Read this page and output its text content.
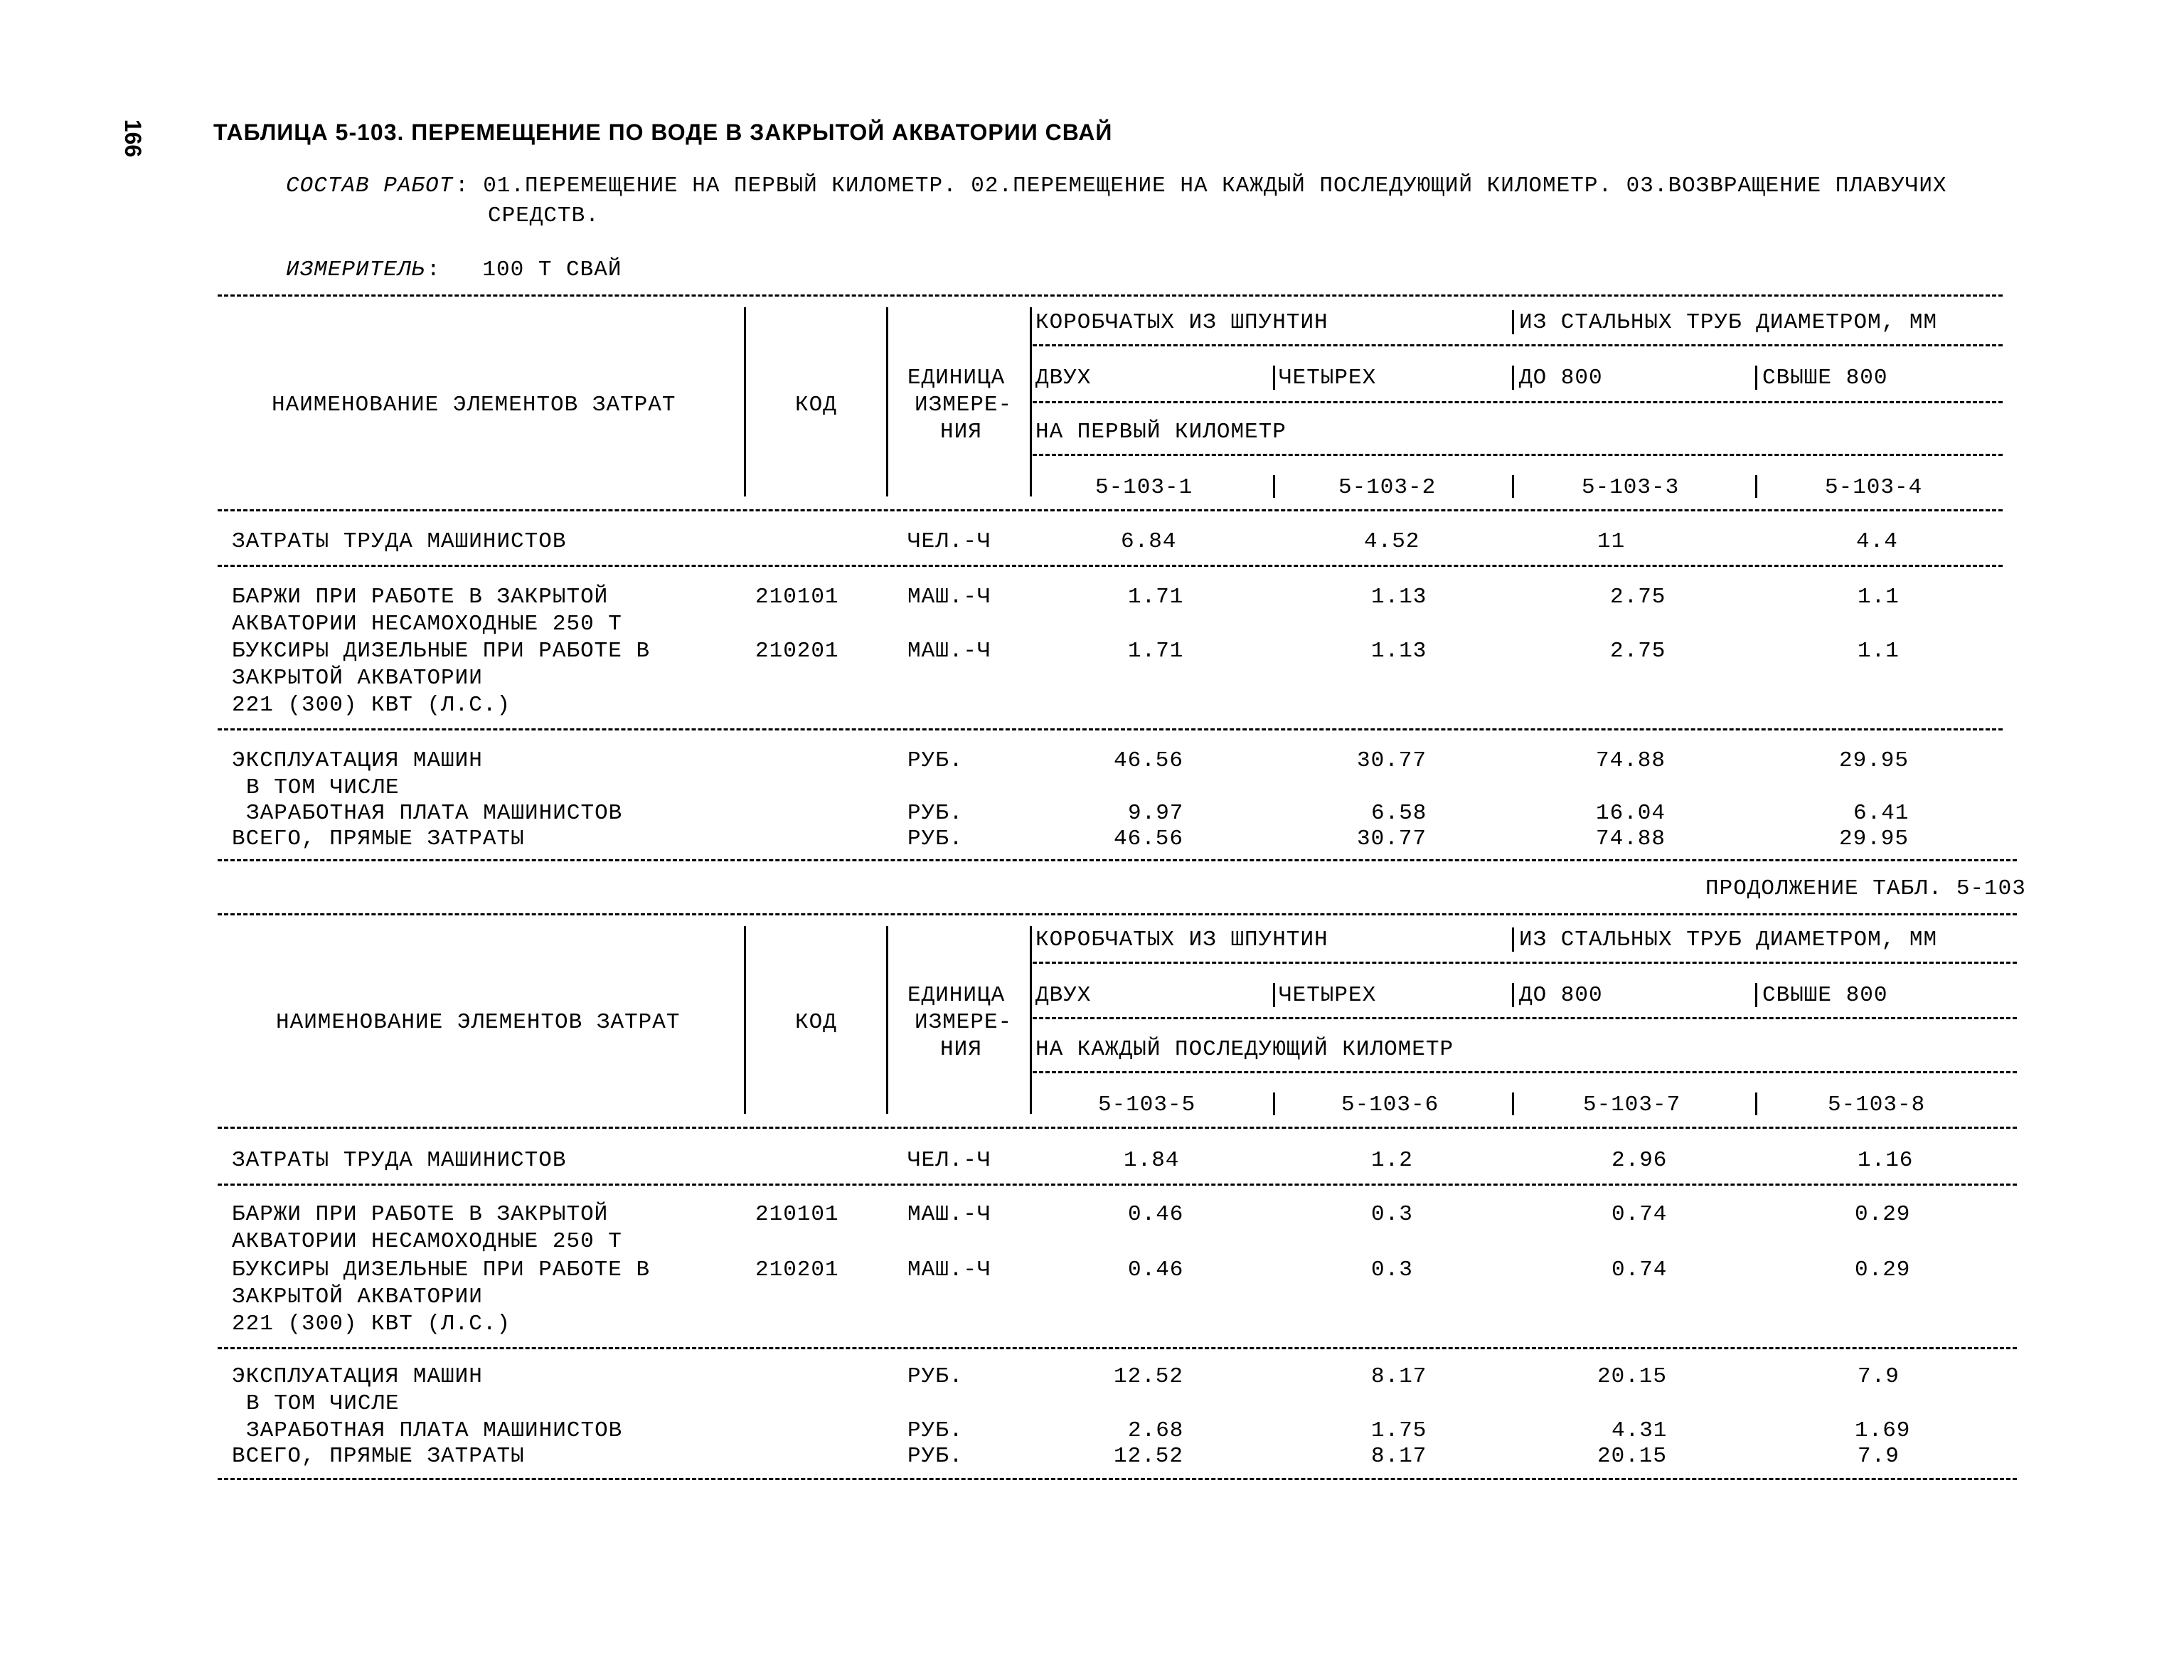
166	ТАБЛИЦА 5-103. ПЕРЕМЕЩЕНИЕ ПО ВОДЕ В ЗАКРЫТОЙ АКВАТОРИИ СВАЙ
СОСТАВ РАБОТ : 01.ПЕРЕМЕЩЕНИЕ НА ПЕРВЫЙ КИЛОМЕТР. 02.ПЕРЕМЕЩЕНИЕ НА КАЖДЫЙ ПОСЛЕДУЮЩИЙ КИЛОМЕТР. 03.ВОЗВРАЩЕНИЕ ПЛАВУЧИХ
СРЕДСТВ.
ИЗМЕРИТЕЛЬ :   100 Т СВАЙ
КОРОБЧАТЫХ ИЗ ШПУНТИН	ИЗ СТАЛЬНЫХ ТРУБ ДИАМЕТРОМ, ММ
ДВУХ	ЧЕТЫРЕХ	ДО 800	СВЫШЕ 800
ЕДИНИЦА
ИЗМЕРЕ-
НИЯ
НАИМЕНОВАНИЕ ЭЛЕМЕНТОВ ЗАТРАТ	КОД
НА ПЕРВЫЙ КИЛОМЕТР
5-103-1	5-103-2	5-103-3	5-103-4
ЗАТРАТЫ ТРУДА МАШИНИСТОВ	ЧЕЛ.-Ч	6.84	4.52	11	4.4
БАРЖИ ПРИ РАБОТЕ В ЗАКРЫТОЙ
АКВАТОРИИ НЕСАМОХОДНЫЕ 250 Т
210101	МАШ.-Ч	1.71	1.13	2.75	1.1
БУКСИРЫ ДИЗЕЛЬНЫЕ ПРИ РАБОТЕ В
ЗАКРЫТОЙ АКВАТОРИИ
221 (300) КВТ (Л.С.)
210201	МАШ.-Ч	1.71	1.13	2.75	1.1
ЭКСПЛУАТАЦИЯ МАШИН	РУБ.	46.56	30.77	74.88	29.95
В ТОМ ЧИСЛЕ
ЗАРАБОТНАЯ ПЛАТА МАШИНИСТОВ	РУБ.	9.97	6.58	16.04	6.41
ВСЕГО, ПРЯМЫЕ ЗАТРАТЫ	РУБ.	46.56	30.77	74.88	29.95
ПРОДОЛЖЕНИЕ ТАБЛ. 5-103
КОРОБЧАТЫХ ИЗ ШПУНТИН	ИЗ СТАЛЬНЫХ ТРУБ ДИАМЕТРОМ, ММ
ДВУХ	ЧЕТЫРЕХ	ДО 800	СВЫШЕ 800
ЕДИНИЦА
ИЗМЕРЕ-
НИЯ
НАИМЕНОВАНИЕ ЭЛЕМЕНТОВ ЗАТРАТ	КОД
НА КАЖДЫЙ ПОСЛЕДУЮЩИЙ КИЛОМЕТР
5-103-5	5-103-6	5-103-7	5-103-8
ЗАТРАТЫ ТРУДА МАШИНИСТОВ	ЧЕЛ.-Ч	1.84	1.2	2.96	1.16
БАРЖИ ПРИ РАБОТЕ В ЗАКРЫТОЙ
АКВАТОРИИ НЕСАМОХОДНЫЕ 250 Т
210101	МАШ.-Ч	0.46	0.3	0.74	0.29
БУКСИРЫ ДИЗЕЛЬНЫЕ ПРИ РАБОТЕ В
ЗАКРЫТОЙ АКВАТОРИИ
221 (300) КВТ (Л.С.)
210201	МАШ.-Ч	0.46	0.3	0.74	0.29
ЭКСПЛУАТАЦИЯ МАШИН	РУБ.	12.52	8.17	20.15	7.9
В ТОМ ЧИСЛЕ
ЗАРАБОТНАЯ ПЛАТА МАШИНИСТОВ	РУБ.	2.68	1.75	4.31	1.69
ВСЕГО, ПРЯМЫЕ ЗАТРАТЫ	РУБ.	12.52	8.17	20.15	7.9
